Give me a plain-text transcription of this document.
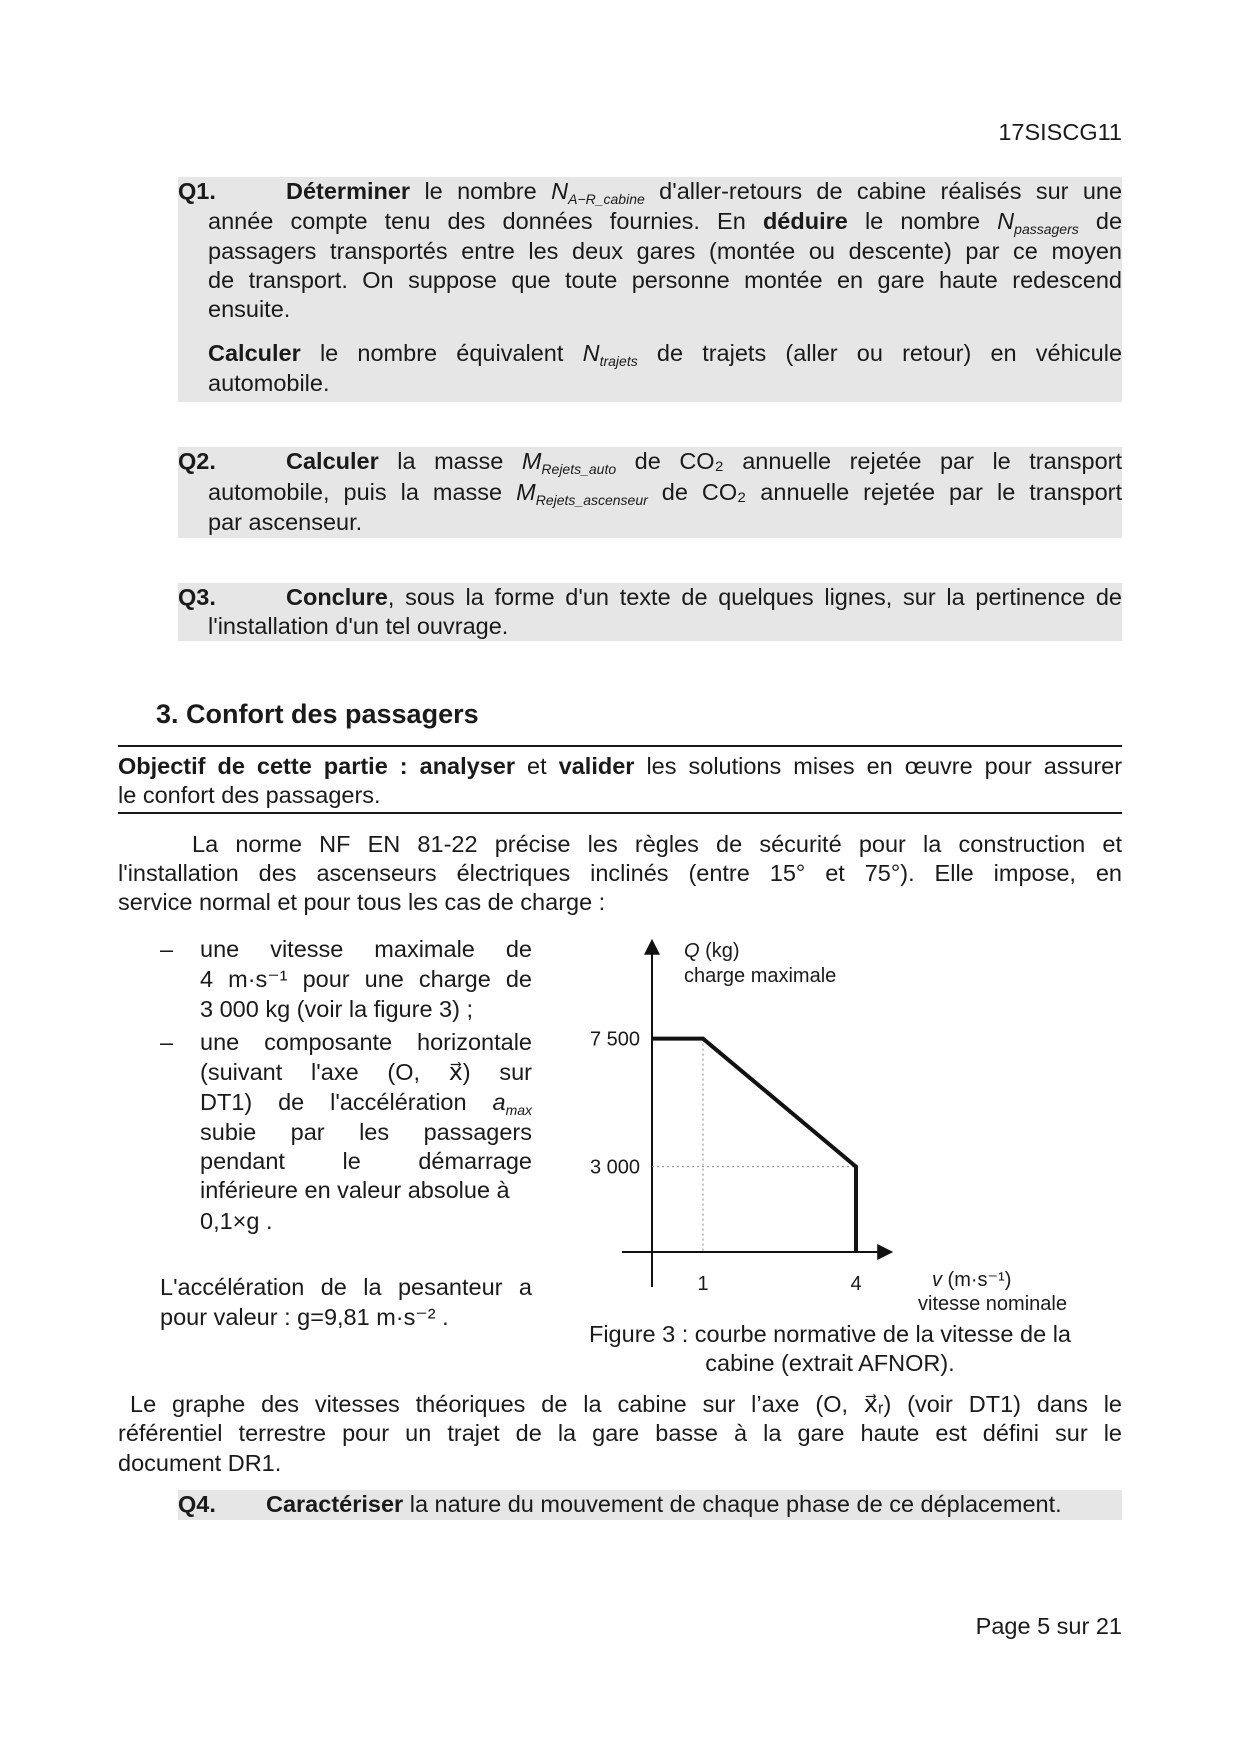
17SISCG11
Q1.	Déterminer le nombre $N_{A-R\_cabine}$ d'aller-retours de cabine réalisés sur une
année compte tenu des données fournies. En déduire le nombre $N_{passagers}$ de
passagers transportés entre les deux gares (montée ou descente) par ce moyen
de transport. On suppose que toute personne montée en gare haute redescend
ensuite.
Calculer le nombre équivalent $N_{trajets}$ de trajets (aller ou retour) en véhicule
automobile.
Q2.	Calculer la masse $M_{Rejets\_auto}$ de CO₂ annuelle rejetée par le transport
automobile, puis la masse $M_{Rejets\_ascenseur}$ de CO₂ annuelle rejetée par le transport
par ascenseur.
Q3.	Conclure, sous la forme d'un texte de quelques lignes, sur la pertinence de
l'installation d'un tel ouvrage.
3. Confort des passagers
Objectif de cette partie : analyser et valider les solutions mises en œuvre pour assurer
le confort des passagers.
La norme NF EN 81-22 précise les règles de sécurité pour la construction et
l'installation des ascenseurs électriques inclinés (entre 15° et 75°). Elle impose, en
service normal et pour tous les cas de charge :
– une vitesse maximale de
4 m·s⁻¹ pour une charge de
3 000 kg (voir la figure 3) ;
– une composante horizontale
(suivant l'axe (O, x⃗) sur
DT1) de l'accélération $a_{max}$
subie par les passagers
pendant le démarrage
inférieure en valeur absolue à
0,1×g .
L'accélération de la pesanteur a
pour valeur : g=9,81 m·s⁻² .
7 500
3 000
1	4
Q (kg)
charge maximale
v (m·s⁻¹)
vitesse nominale
Figure 3 : courbe normative de la vitesse de la
cabine (extrait AFNOR).
Le graphe des vitesses théoriques de la cabine sur l’axe (O, x⃗ᵣ) (voir DT1) dans le
référentiel terrestre pour un trajet de la gare basse à la gare haute est défini sur le
document DR1.
Q4. Caractériser la nature du mouvement de chaque phase de ce déplacement.
Page 5 sur 21
